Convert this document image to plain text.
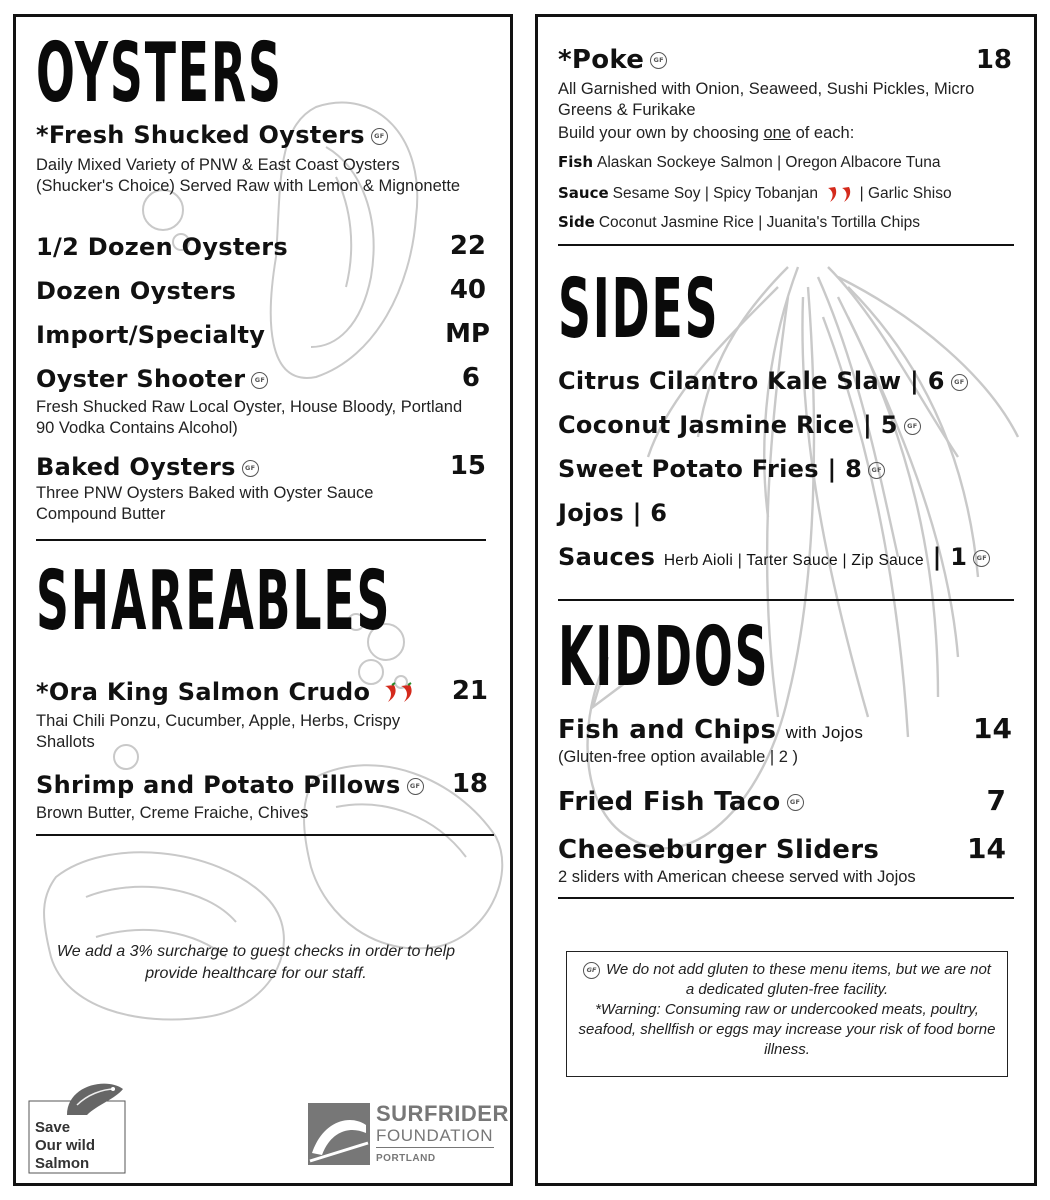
OYSTERS
*Fresh Shucked Oysters GF
Daily Mixed Variety of PNW & East Coast Oysters (Shucker's Choice) Served Raw with Lemon & Mignonette
1/2 Dozen Oysters	22
Dozen Oysters	40
Import/Specialty	MP
Oyster Shooter GF	6
Fresh Shucked Raw Local Oyster, House Bloody, Portland 90 Vodka Contains Alcohol)
Baked Oysters GF	15
Three PNW Oysters Baked with Oyster Sauce Compound Butter
SHAREABLES
*Ora King Salmon Crudo	21
Thai Chili Ponzu, Cucumber, Apple, Herbs, Crispy Shallots
Shrimp and Potato Pillows GF 18
Brown Butter, Creme Fraiche, Chives
We add a 3% surcharge to guest checks in order to help provide healthcare for our staff.
Save
Our wild
Salmon
SURFRIDER
FOUNDATION
PORTLAND
*Poke GF	18
All Garnished with Onion, Seaweed, Sushi Pickles, Micro Greens & Furikake
Build your own by choosing one of each:
Fish Alaskan Sockeye Salmon | Oregon Albacore Tuna
Sauce Sesame Soy | Spicy Tobanjan	| Garlic Shiso
Side Coconut Jasmine Rice | Juanita's Tortilla Chips
SIDES
Citrus Cilantro Kale Slaw | 6 GF
Coconut Jasmine Rice | 5 GF
Sweet Potato Fries | 8 GF
Jojos | 6
Sauces Herb Aioli | Tarter Sauce | Zip Sauce | 1 GF
KIDDOS
Fish and Chips with Jojos	14
(Gluten-free option available | 2 )
Fried Fish Taco GF	7
Cheeseburger Sliders	14
2 sliders with American cheese served with Jojos
GF We do not add gluten to these menu items, but we are not a dedicated gluten-free facility.
*Warning: Consuming raw or undercooked meats, poultry, seafood, shellfish or eggs may increase your risk of food borne illness.
